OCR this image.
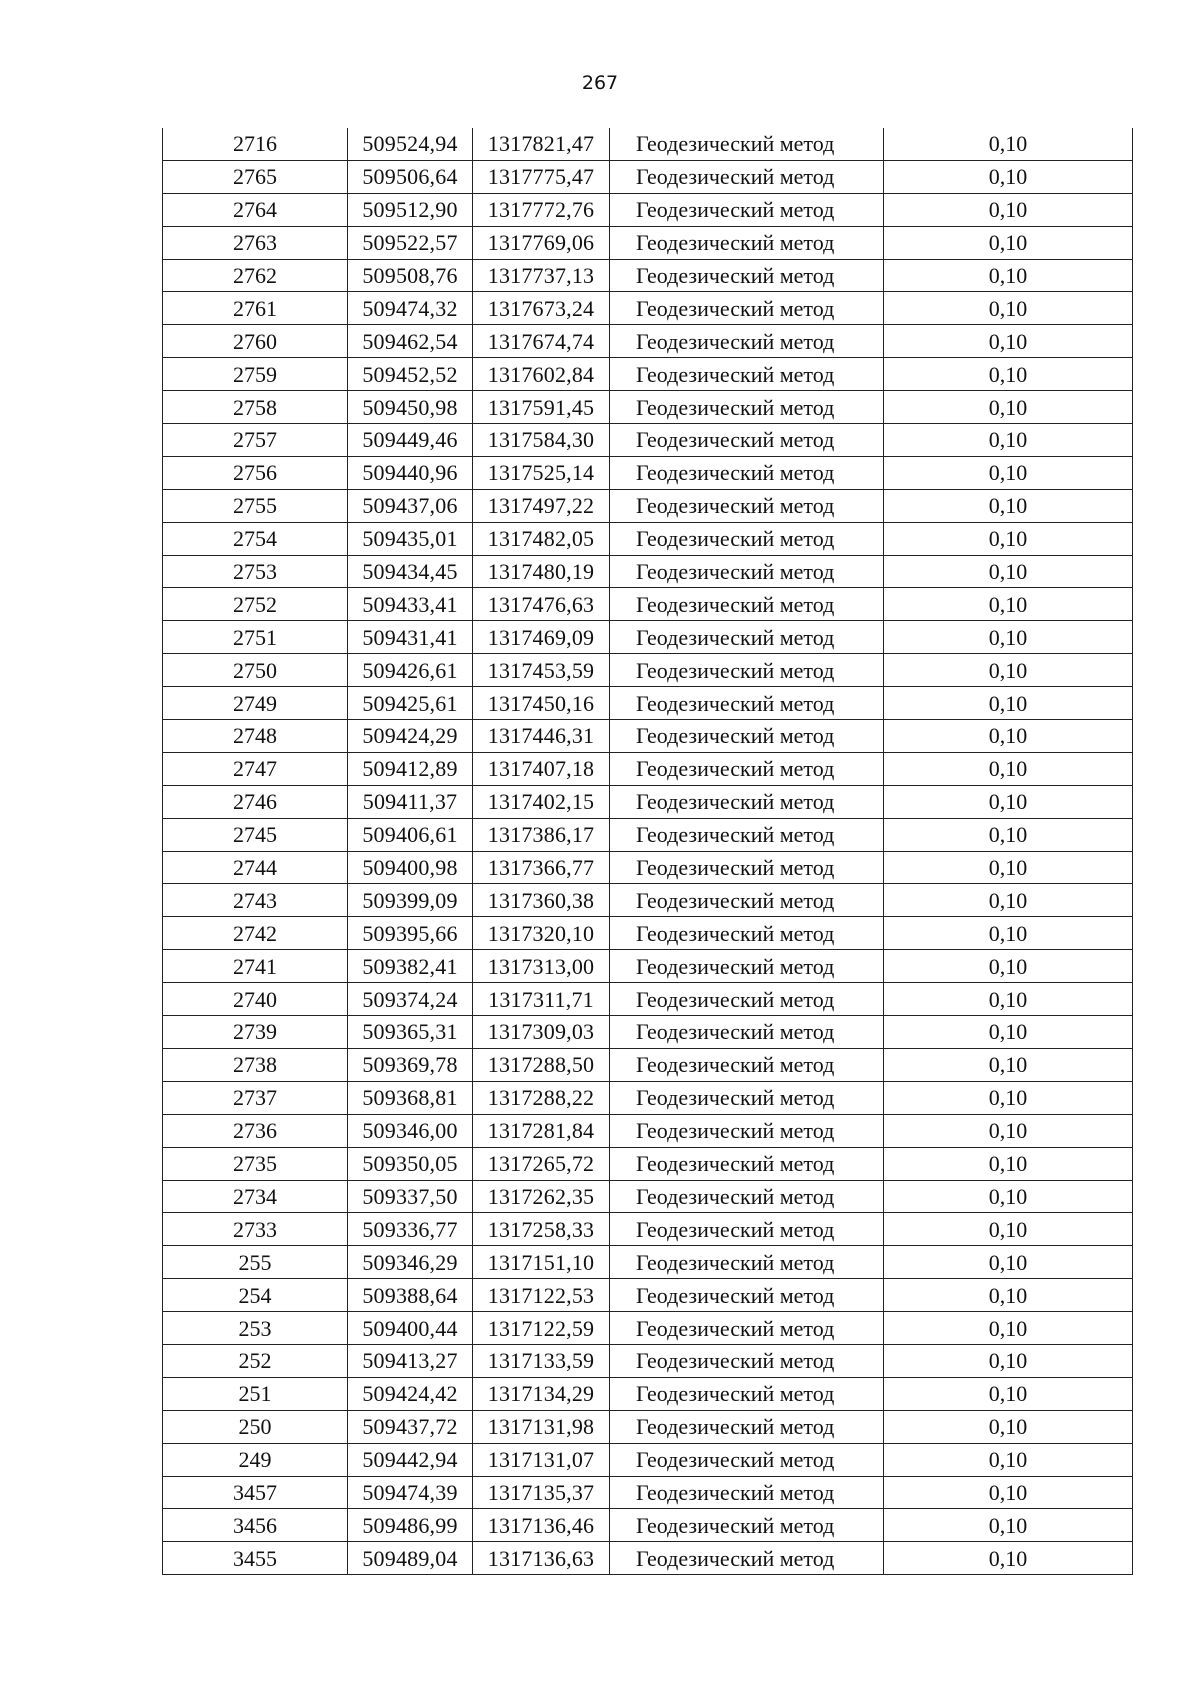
267
2716	509524,94	1317821,47	Геодезический метод	0,10
2765	509506,64	1317775,47	Геодезический метод	0,10
2764	509512,90	1317772,76	Геодезический метод	0,10
2763	509522,57	1317769,06	Геодезический метод	0,10
2762	509508,76	1317737,13	Геодезический метод	0,10
2761	509474,32	1317673,24	Геодезический метод	0,10
2760	509462,54	1317674,74	Геодезический метод	0,10
2759	509452,52	1317602,84	Геодезический метод	0,10
2758	509450,98	1317591,45	Геодезический метод	0,10
2757	509449,46	1317584,30	Геодезический метод	0,10
2756	509440,96	1317525,14	Геодезический метод	0,10
2755	509437,06	1317497,22	Геодезический метод	0,10
2754	509435,01	1317482,05	Геодезический метод	0,10
2753	509434,45	1317480,19	Геодезический метод	0,10
2752	509433,41	1317476,63	Геодезический метод	0,10
2751	509431,41	1317469,09	Геодезический метод	0,10
2750	509426,61	1317453,59	Геодезический метод	0,10
2749	509425,61	1317450,16	Геодезический метод	0,10
2748	509424,29	1317446,31	Геодезический метод	0,10
2747	509412,89	1317407,18	Геодезический метод	0,10
2746	509411,37	1317402,15	Геодезический метод	0,10
2745	509406,61	1317386,17	Геодезический метод	0,10
2744	509400,98	1317366,77	Геодезический метод	0,10
2743	509399,09	1317360,38	Геодезический метод	0,10
2742	509395,66	1317320,10	Геодезический метод	0,10
2741	509382,41	1317313,00	Геодезический метод	0,10
2740	509374,24	1317311,71	Геодезический метод	0,10
2739	509365,31	1317309,03	Геодезический метод	0,10
2738	509369,78	1317288,50	Геодезический метод	0,10
2737	509368,81	1317288,22	Геодезический метод	0,10
2736	509346,00	1317281,84	Геодезический метод	0,10
2735	509350,05	1317265,72	Геодезический метод	0,10
2734	509337,50	1317262,35	Геодезический метод	0,10
2733	509336,77	1317258,33	Геодезический метод	0,10
255	509346,29	1317151,10	Геодезический метод	0,10
254	509388,64	1317122,53	Геодезический метод	0,10
253	509400,44	1317122,59	Геодезический метод	0,10
252	509413,27	1317133,59	Геодезический метод	0,10
251	509424,42	1317134,29	Геодезический метод	0,10
250	509437,72	1317131,98	Геодезический метод	0,10
249	509442,94	1317131,07	Геодезический метод	0,10
3457	509474,39	1317135,37	Геодезический метод	0,10
3456	509486,99	1317136,46	Геодезический метод	0,10
3455	509489,04	1317136,63	Геодезический метод	0,10
